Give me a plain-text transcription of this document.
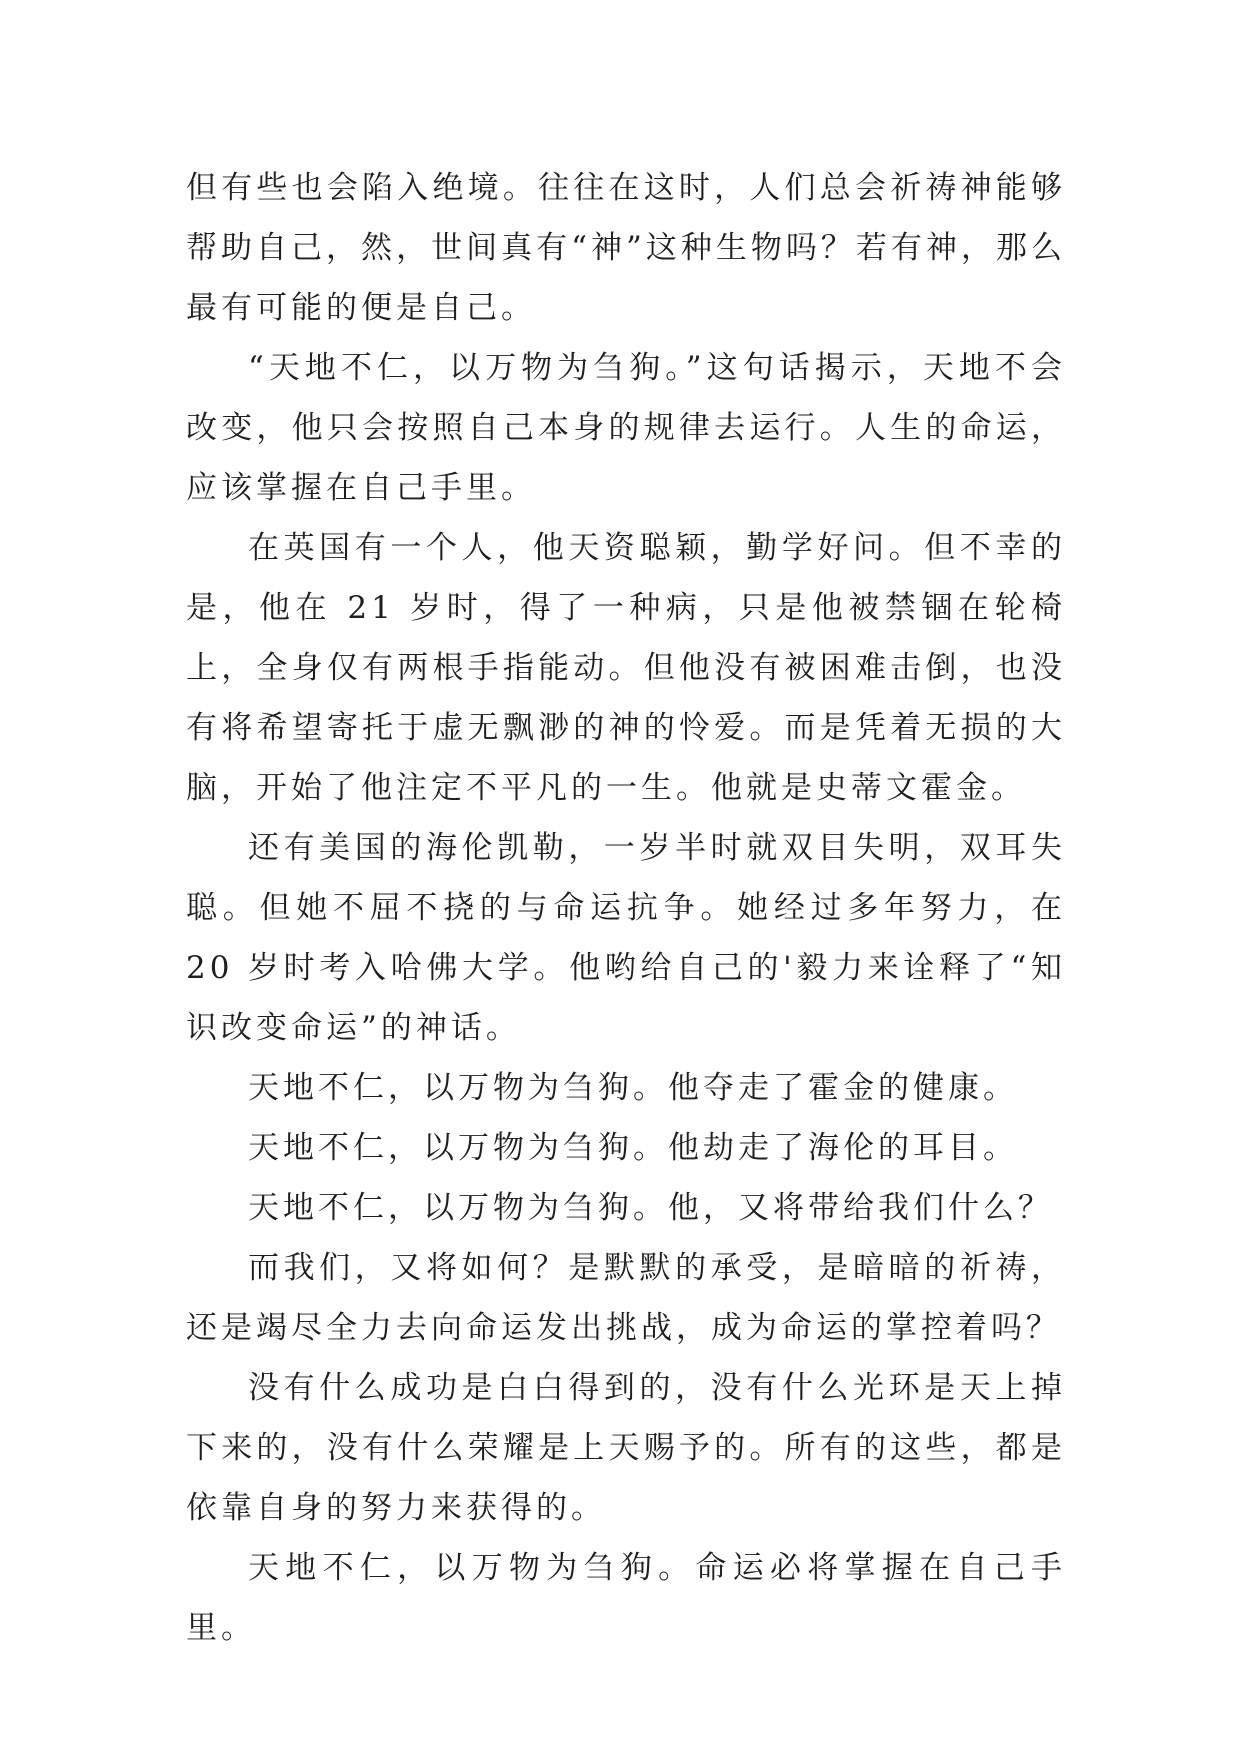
但有些也会陷入绝境。往往在这时，人们总会祈祷神能够帮助自己，然，世间真有“神”这种生物吗？若有神，那么最有可能的便是自己。

“天地不仁，以万物为刍狗。”这句话揭示，天地不会改变，他只会按照自己本身的规律去运行。人生的命运，应该掌握在自己手里。

在英国有一个人，他天资聪颖，勤学好问。但不幸的是，他在 21 岁时，得了一种病，只是他被禁锢在轮椅上，全身仅有两根手指能动。但他没有被困难击倒，也没有将希望寄托于虚无飘渺的神的怜爱。而是凭着无损的大脑，开始了他注定不平凡的一生。他就是史蒂文霍金。

还有美国的海伦凯勒，一岁半时就双目失明，双耳失聪。但她不屈不挠的与命运抗争。她经过多年努力，在 20 岁时考入哈佛大学。他哟给自己的'毅力来诠释了“知识改变命运”的神话。

天地不仁，以万物为刍狗。他夺走了霍金的健康。

天地不仁，以万物为刍狗。他劫走了海伦的耳目。

天地不仁，以万物为刍狗。他，又将带给我们什么？

而我们，又将如何？是默默的承受，是暗暗的祈祷，还是竭尽全力去向命运发出挑战，成为命运的掌控着吗？

没有什么成功是白白得到的，没有什么光环是天上掉下来的，没有什么荣耀是上天赐予的。所有的这些，都是依靠自身的努力来获得的。

天地不仁，以万物为刍狗。命运必将掌握在自己手里。
